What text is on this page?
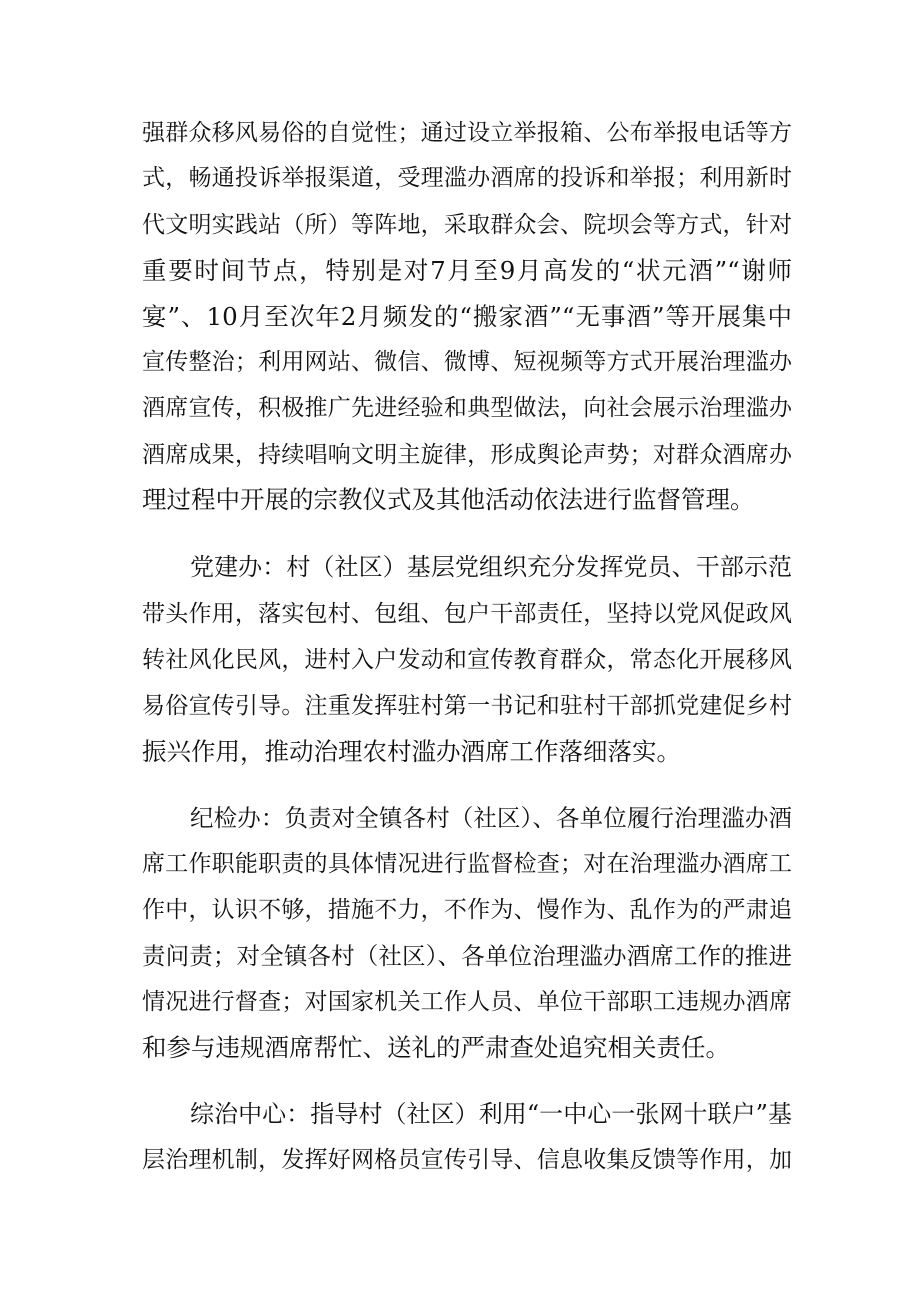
强群众移风易俗的自觉性；通过设立举报箱、公布举报电话等方
式，畅通投诉举报渠道，受理滥办酒席的投诉和举报；利用新时
代文明实践站（所）等阵地，采取群众会、院坝会等方式，针对
重要时间节点，特别是对7月至9月高发的“状元酒”“谢师
宴”、10月至次年2月频发的“搬家酒”“无事酒”等开展集中
宣传整治；利用网站、微信、微博、短视频等方式开展治理滥办
酒席宣传，积极推广先进经验和典型做法，向社会展示治理滥办
酒席成果，持续唱响文明主旋律，形成舆论声势；对群众酒席办
理过程中开展的宗教仪式及其他活动依法进行监督管理。
党建办：村（社区）基层党组织充分发挥党员、干部示范
带头作用，落实包村、包组、包户干部责任，坚持以党风促政风
转社风化民风，进村入户发动和宣传教育群众，常态化开展移风
易俗宣传引导。注重发挥驻村第一书记和驻村干部抓党建促乡村
振兴作用，推动治理农村滥办酒席工作落细落实。
纪检办：负责对全镇各村（社区）、各单位履行治理滥办酒
席工作职能职责的具体情况进行监督检查；对在治理滥办酒席工
作中，认识不够，措施不力，不作为、慢作为、乱作为的严肃追
责问责；对全镇各村（社区）、各单位治理滥办酒席工作的推进
情况进行督查；对国家机关工作人员、单位干部职工违规办酒席
和参与违规酒席帮忙、送礼的严肃查处追究相关责任。
综治中心：指导村（社区）利用“一中心一张网十联户”基
层治理机制，发挥好网格员宣传引导、信息收集反馈等作用，加
